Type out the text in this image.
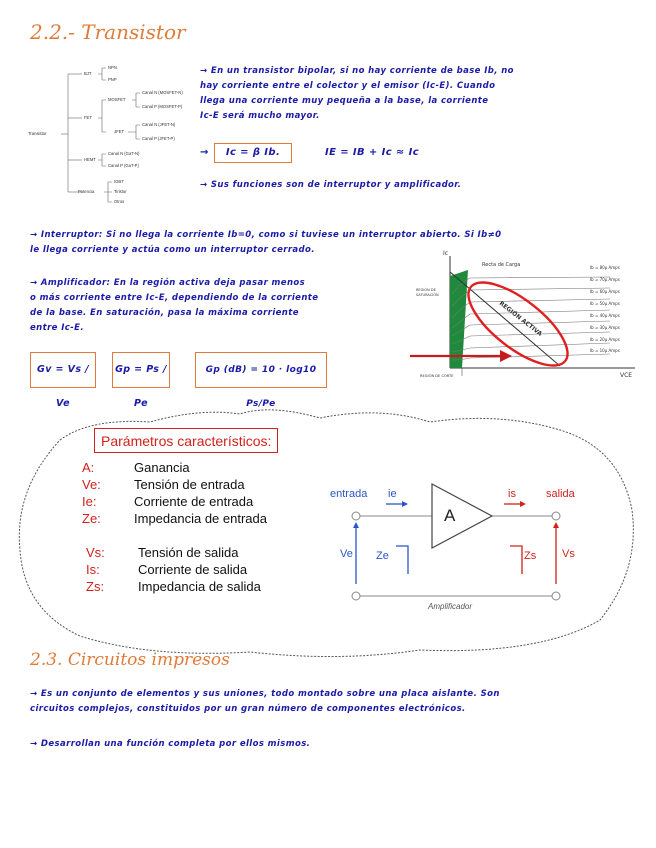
2.2.- Transistor
Transistor
BJT
NPN
PNP
FET
MOSFET
Canal N (MOSFET-N)
Canal P (MOSFET-P)
JFET
Canal N (JFET-N)
Canal P (JFET-P)
HEMT
Canal N (GaT-N)
Canal P (GaT-P)
Potencia
IGBT
Tiristor
Otros
→ En un transistor bipolar, si no hay corriente de base Ib, no
hay corriente entre el colector y el emisor (Ic-E). Cuando
llega una corriente muy pequeña a la base, la corriente
Ic-E será mucho mayor.
→	Ic = β Ib.	IE = IB + Ic ≈ Ic
→ Sus funciones son de interruptor y amplificador.
→ Interruptor: Si no llega la corriente Ib=0, como si tuviese un interruptor abierto. Si Ib≠0
le llega corriente y actúa como un interruptor cerrado.
→ Amplificador: En la región activa deja pasar menos
o más corriente entre Ic-E, dependiendo de la corriente
de la base. En saturación, pasa la máxima corriente
entre Ic-E.
Gv = Vs / Ve
Gp = Ps / Pe
Gp (dB) = 10 · log10 Ps/Pe
Ic
VCE
Recta de Carga
REGIÓN DE SATURACIÓN
REGIÓN ACTIVA
REGIÓN DE CORTE
Ib = 80μ Amps
Ib = 70μ Amps
Ib = 60μ Amps
Ib = 50μ Amps
Ib = 40μ Amps
Ib = 30μ Amps
Ib = 20μ Amps
Ib = 10μ Amps
Parámetros característicos:
A:	Ganancia
Ve:	Tensión de entrada
Ie:	Corriente de entrada
Ze:	Impedancia de entrada
Vs:	Tensión de salida
Is:	Corriente de salida
Zs:	Impedancia de salida
entrada ie	is	salida
A
Ve Ze	Zs Vs
Amplificador
2.3. Circuitos impresos
→ Es un conjunto de elementos y sus uniones, todo montado sobre una placa aislante. Son
circuitos complejos, constituidos por un gran número de componentes electrónicos.
→ Desarrollan una función completa por ellos mismos.
